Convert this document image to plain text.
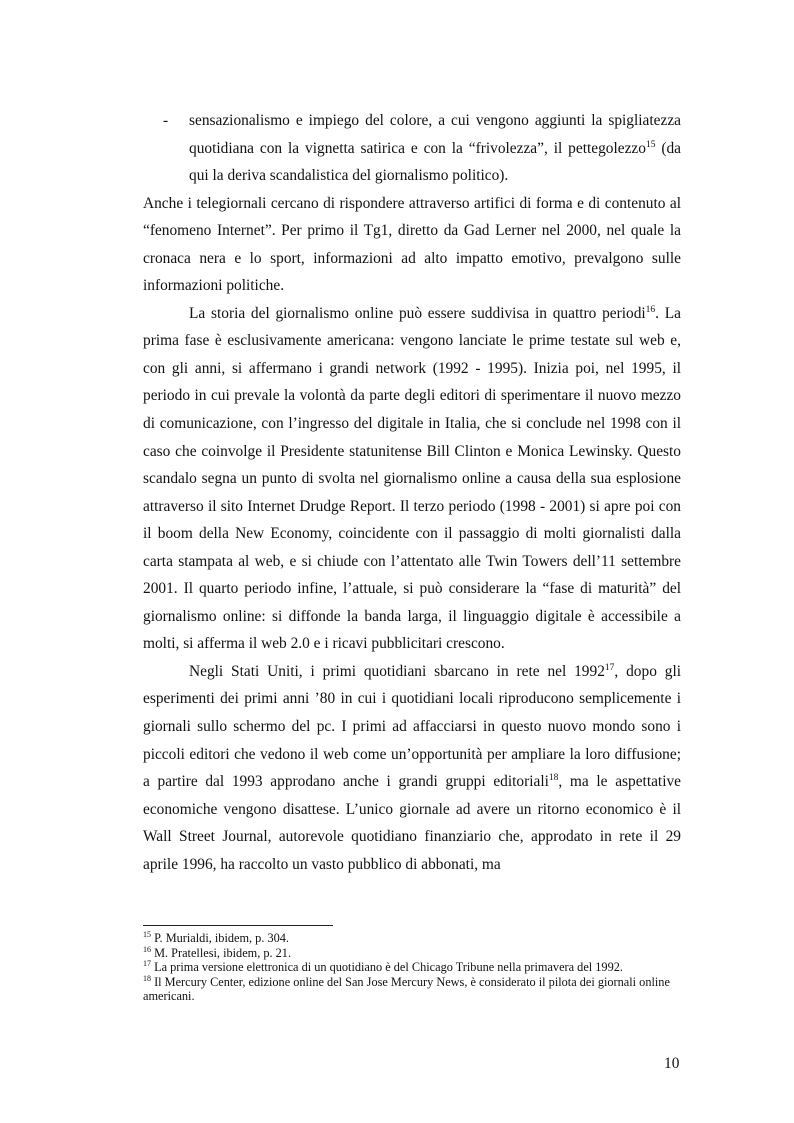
-	sensazionalismo e impiego del colore, a cui vengono aggiunti la spigliatezza quotidiana con la vignetta satirica e con la “frivolezza”, il pettegolezzo$^{15}$ (da qui la deriva scandalistica del giornalismo politico).

Anche i telegiornali cercano di rispondere attraverso artifici di forma e di contenuto al “fenomeno Internet”. Per primo il Tg1, diretto da Gad Lerner nel 2000, nel quale la cronaca nera e lo sport, informazioni ad alto impatto emotivo, prevalgono sulle informazioni politiche.

La storia del giornalismo online può essere suddivisa in quattro periodi$^{16}$. La prima fase è esclusivamente americana: vengono lanciate le prime testate sul web e, con gli anni, si affermano i grandi network (1992 - 1995). Inizia poi, nel 1995, il periodo in cui prevale la volontà da parte degli editori di sperimentare il nuovo mezzo di comunicazione, con l’ingresso del digitale in Italia, che si conclude nel 1998 con il caso che coinvolge il Presidente statunitense Bill Clinton e Monica Lewinsky. Questo scandalo segna un punto di svolta nel giornalismo online a causa della sua esplosione attraverso il sito Internet Drudge Report. Il terzo periodo (1998 - 2001) si apre poi con il boom della New Economy, coincidente con il passaggio di molti giornalisti dalla carta stampata al web, e si chiude con l’attentato alle Twin Towers dell’11 settembre 2001. Il quarto periodo infine, l’attuale, si può considerare la “fase di maturità” del giornalismo online: si diffonde la banda larga, il linguaggio digitale è accessibile a molti, si afferma il web 2.0 e i ricavi pubblicitari crescono.

Negli Stati Uniti, i primi quotidiani sbarcano in rete nel 1992$^{17}$, dopo gli esperimenti dei primi anni ’80 in cui i quotidiani locali riproducono semplicemente i giornali sullo schermo del pc. I primi ad affacciarsi in questo nuovo mondo sono i piccoli editori che vedono il web come un’opportunità per ampliare la loro diffusione; a partire dal 1993 approdano anche i grandi gruppi editoriali$^{18}$, ma le aspettative economiche vengono disattese. L’unico giornale ad avere un ritorno economico è il Wall Street Journal, autorevole quotidiano finanziario che, approdato in rete il 29 aprile 1996, ha raccolto un vasto pubblico di abbonati, ma

$^{15}$ P. Murialdi, ibidem, p. 304.

$^{16}$ M. Pratellesi, ibidem, p. 21.

$^{17}$ La prima versione elettronica di un quotidiano è del Chicago Tribune nella primavera del 1992.

$^{18}$ Il Mercury Center, edizione online del San Jose Mercury News, è considerato il pilota dei giornali online americani.

10
